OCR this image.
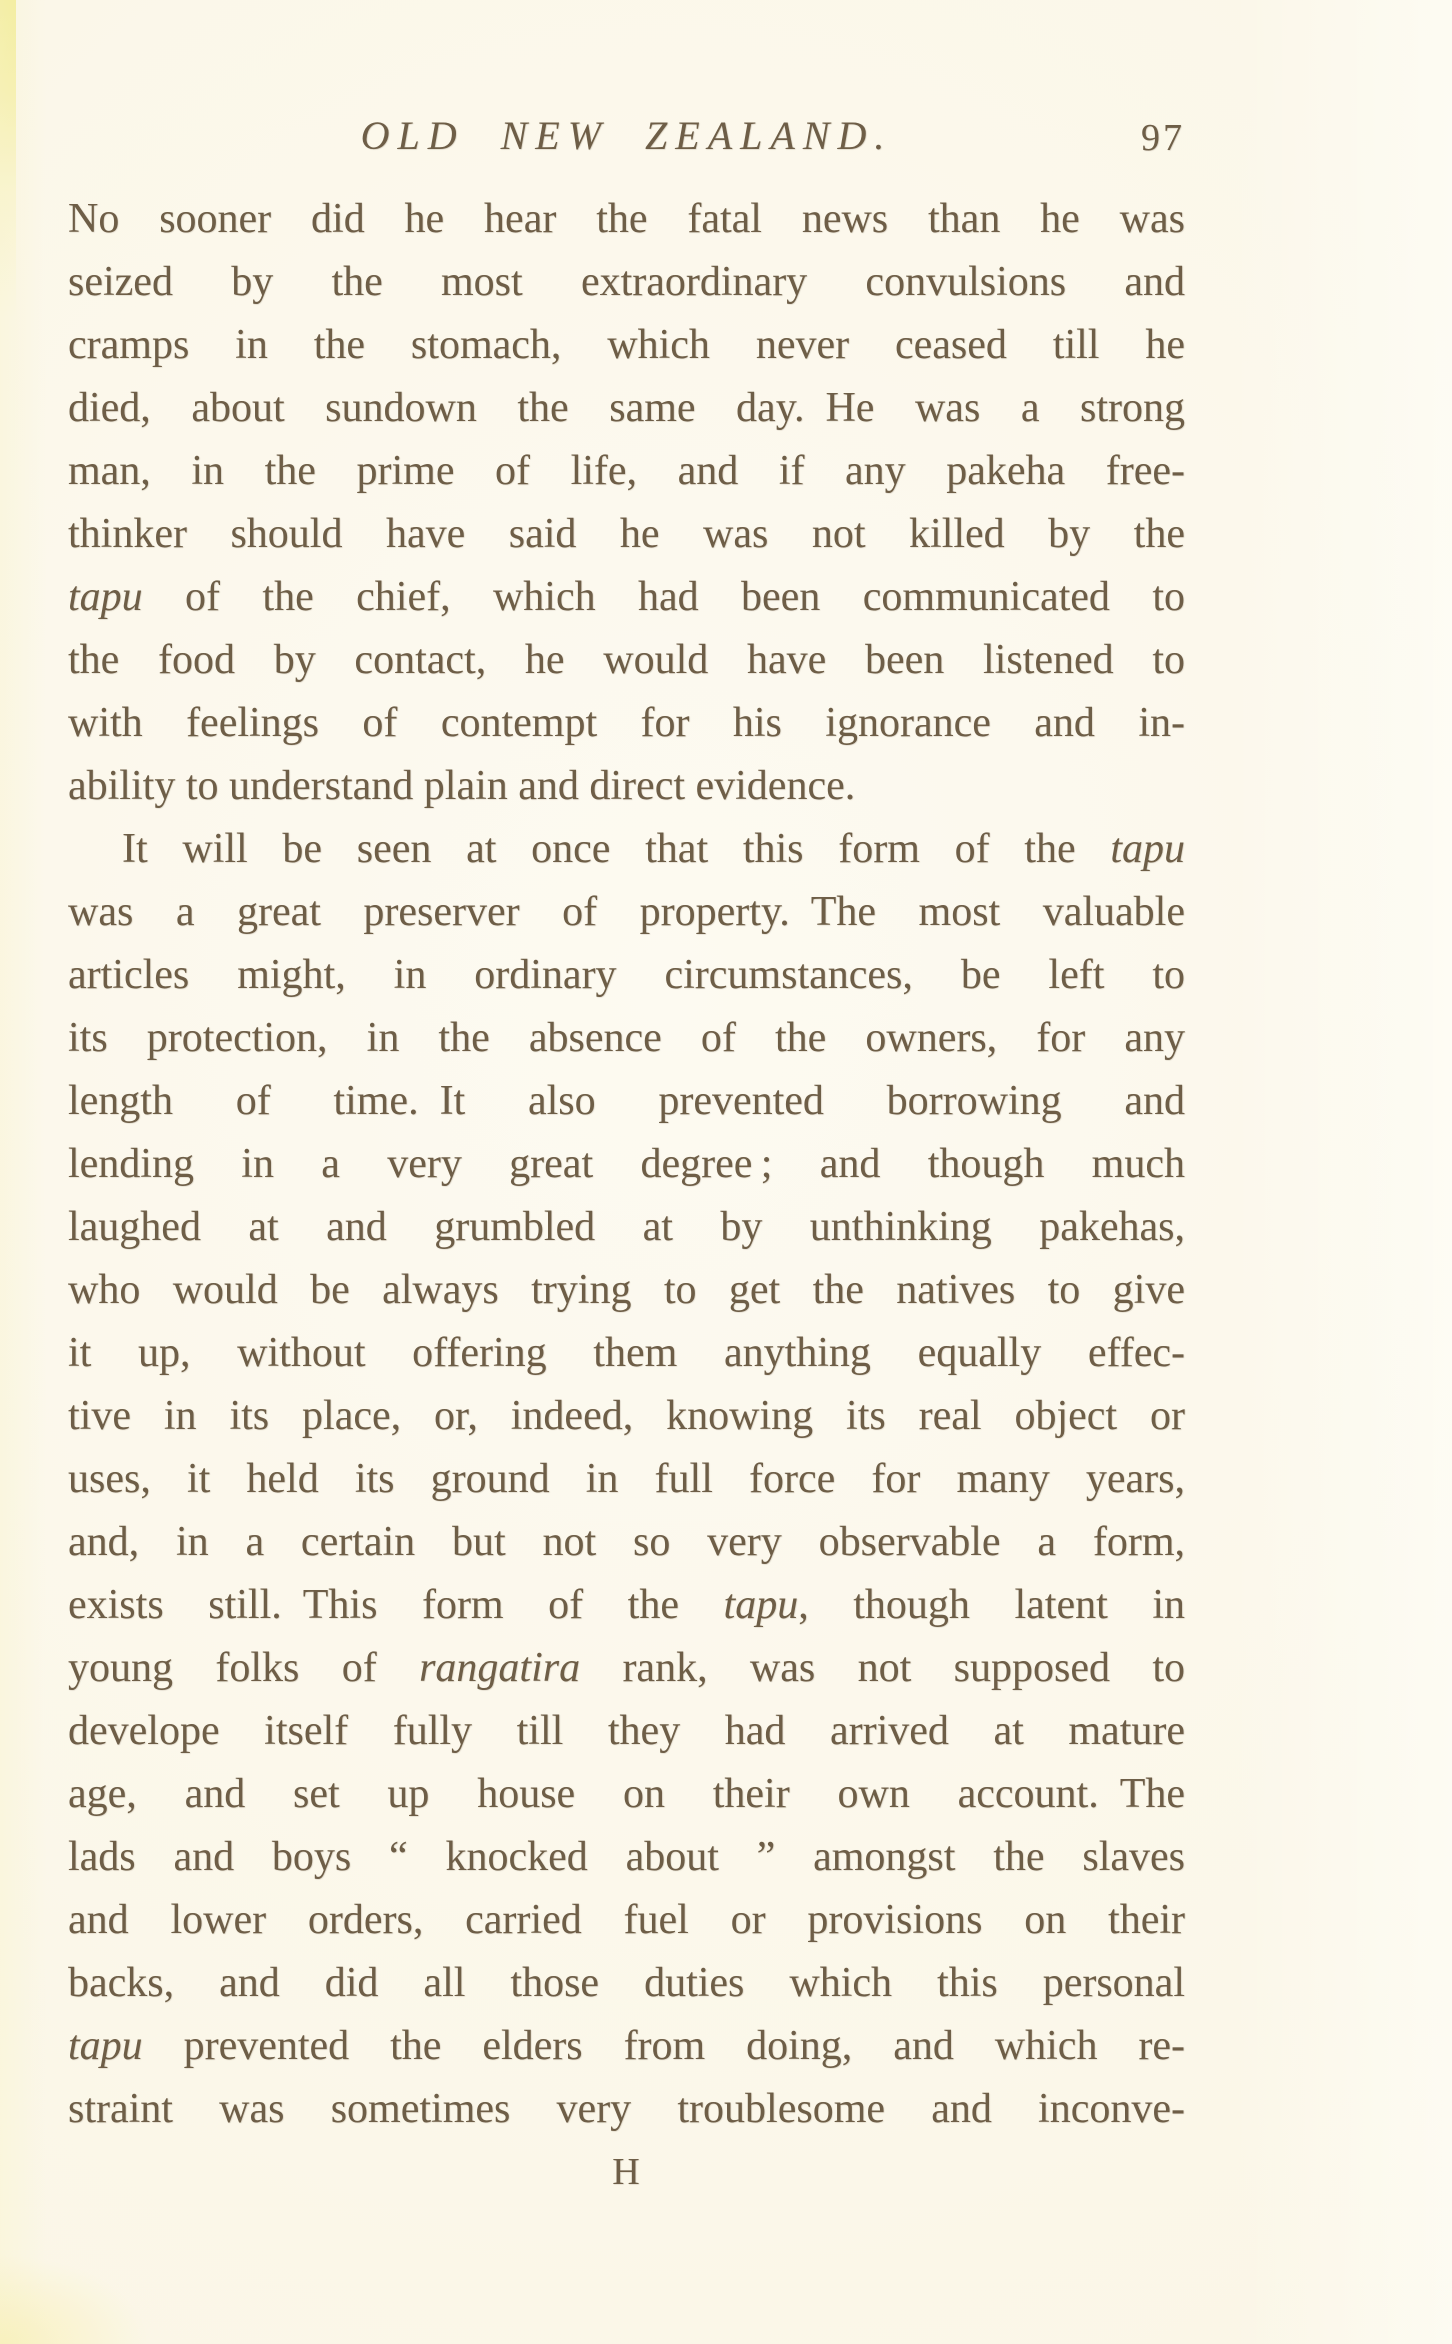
OLD NEW ZEALAND.	97
No sooner did he hear the fatal news than he was
seized by the most extraordinary convulsions and
cramps in the stomach, which never ceased till he
died, about sundown the same day. He was a strong
man, in the prime of life, and if any pakeha free-
thinker should have said he was not killed by the
tapu of the chief, which had been communicated to
the food by contact, he would have been listened to
with feelings of contempt for his ignorance and in-
ability to understand plain and direct evidence.
It will be seen at once that this form of the tapu
was a great preserver of property. The most valuable
articles might, in ordinary circumstances, be left to
its protection, in the absence of the owners, for any
length of time. It also prevented borrowing and
lending in a very great degree ; and though much
laughed at and grumbled at by unthinking pakehas,
who would be always trying to get the natives to give
it up, without offering them anything equally effec-
tive in its place, or, indeed, knowing its real object or
uses, it held its ground in full force for many years,
and, in a certain but not so very observable a form,
exists still. This form of the tapu, though latent in
young folks of rangatira rank, was not supposed to
develope itself fully till they had arrived at mature
age, and set up house on their own account. The
lads and boys “ knocked about ” amongst the slaves
and lower orders, carried fuel or provisions on their
backs, and did all those duties which this personal
tapu prevented the elders from doing, and which re-
straint was sometimes very troublesome and inconve-
H
